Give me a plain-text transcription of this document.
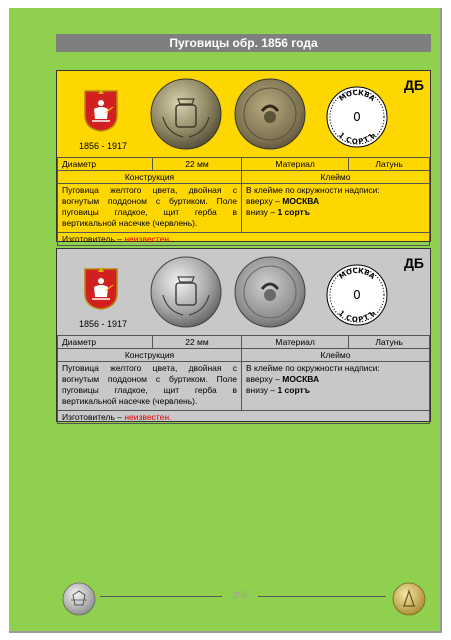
Пуговицы обр. 1856 года
1856 - 1917
МОСКВА
1 СОРТЪ
0
ДБ
Диаметр	22 мм	Материал	Латунь
Конструкция		Клеймо	
Пуговица желтого цвета, двойная с вогнутым поддоном с буртиком. Поле пуговицы гладкое, щит герба в вертикальной насечке (червлень).		В клейме по окружности надписи:
вверху – МОСКВА
внизу – 1 сортъ	

Изготовитель – неизвестен.			
1856 - 1917
МОСКВА
1 СОРТЪ
0
ДБ
Диаметр	22 мм	Материал	Латунь
Конструкция		Клеймо	
Пуговица желтого цвета, двойная с вогнутым поддоном с буртиком. Поле пуговицы гладкое, щит герба в вертикальной насечке (червлень).		В клейме по окружности надписи:
вверху – МОСКВА
внизу – 1 сортъ	

Изготовитель – неизвестен.			
205
